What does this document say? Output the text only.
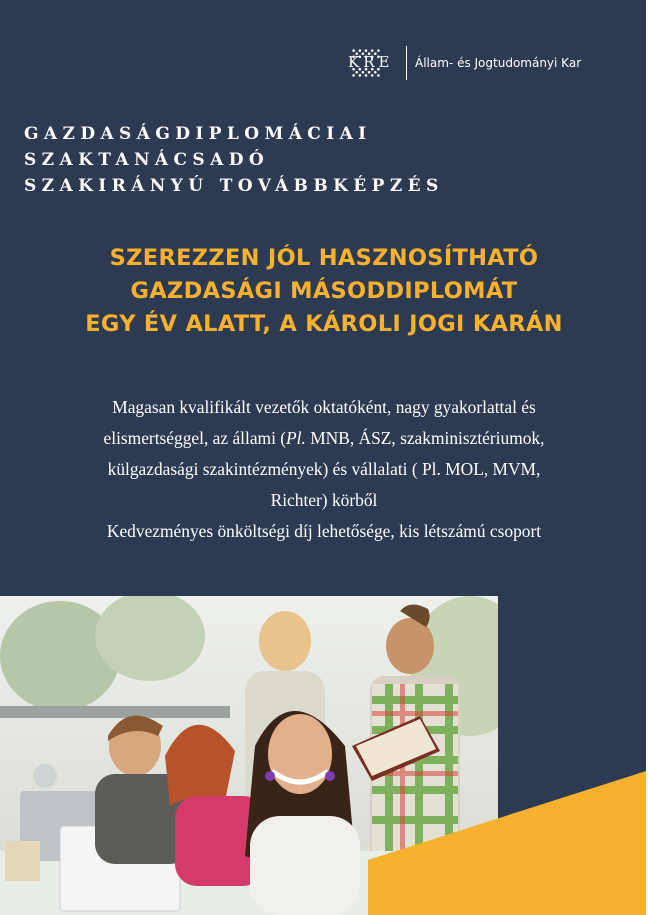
KRE Állam- és Jogtudományi Kar
GAZDASÁGDIPLOMÁCIAI
SZAKTANÁCSADÓ
SZAKIRÁNYÚ TOVÁBBKÉPZÉS
SZEREZZEN JÓL HASZNOSÍTHATÓ
GAZDASÁGI MÁSODDIPLOMÁT
EGY ÉV ALATT, A KÁROLI JOGI KARÁN
Magasan kvalifikált vezetők oktatóként, nagy gyakorlattal és
elismertséggel, az állami (Pl. MNB, ÁSZ, szakminisztériumok,
külgazdasági szakintézmények) és vállalati ( Pl. MOL, MVM,
Richter) körből
Kedvezményes önköltségi díj lehetősége, kis létszámú csoport
